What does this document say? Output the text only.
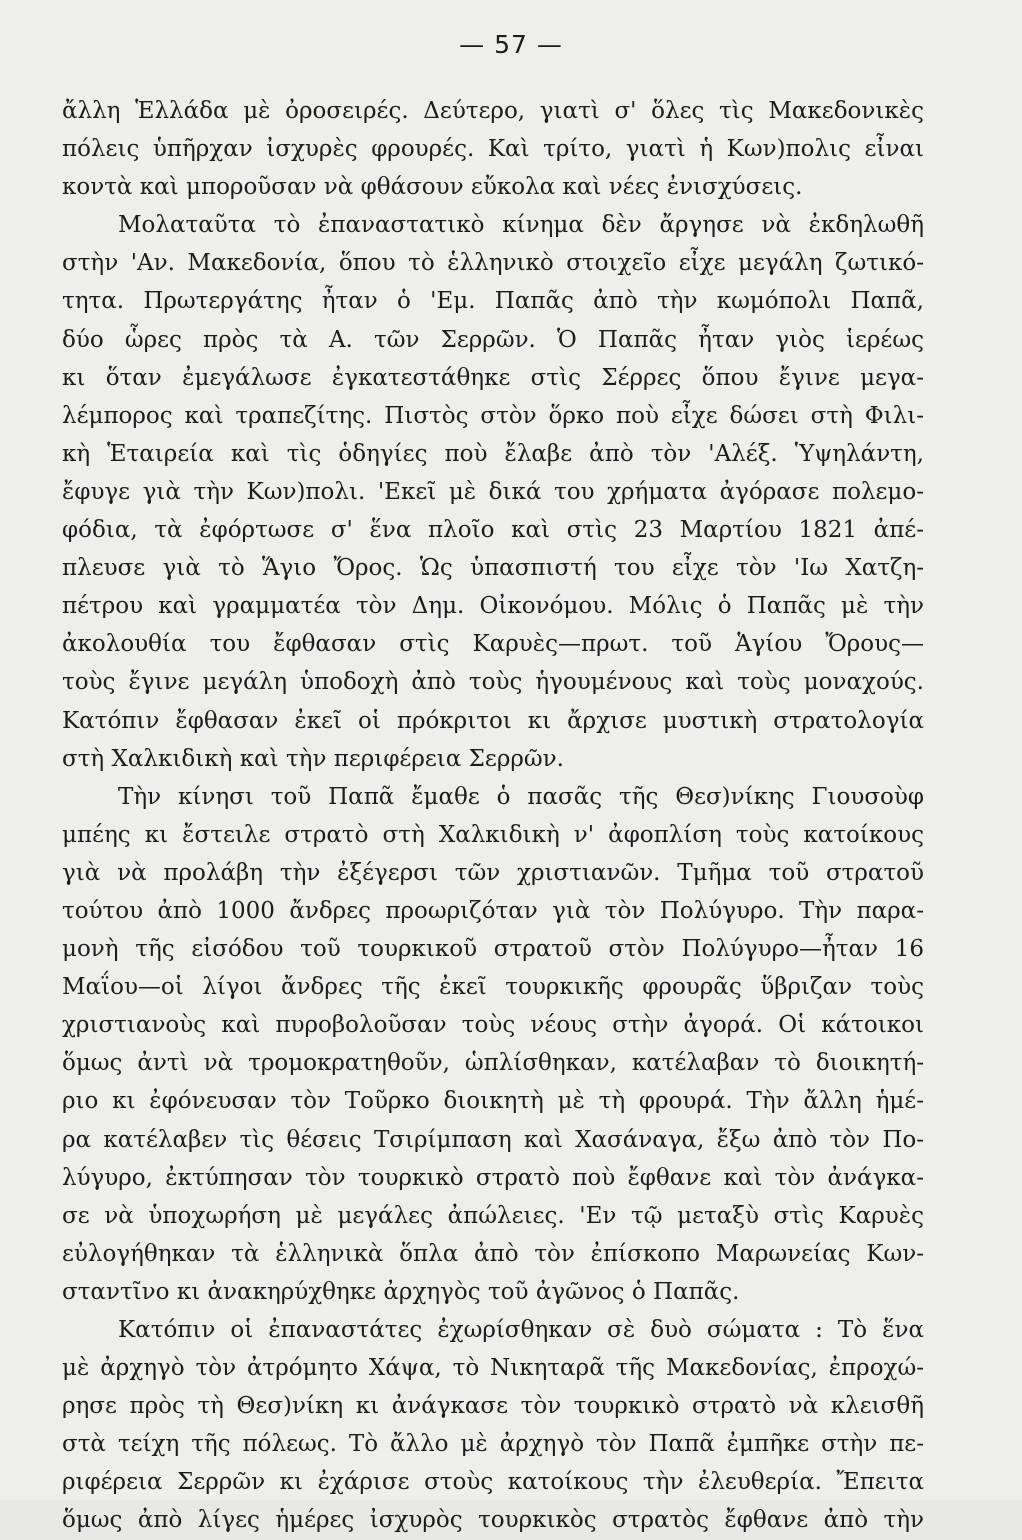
— 57 —
ἄλλη Ἑλλάδα μὲ ὀροσειρές. Δεύτερο, γιατὶ σ' ὅλες τὶς Μακεδονικὲς
πόλεις ὑπῆρχαν ἰσχυρὲς φρουρές. Καὶ τρίτο, γιατὶ ἡ Κων)πολις εἶναι
κοντὰ καὶ μποροῦσαν νὰ φθάσουν εὔκολα καὶ νέες ἐνισχύσεις.
Μολαταῦτα τὸ ἐπαναστατικὸ κίνημα δὲν ἄργησε νὰ ἐκδηλωθῆ
στὴν 'Αν. Μακεδονία, ὅπου τὸ ἑλληνικὸ στοιχεῖο εἶχε μεγάλη ζωτικό-
τητα. Πρωτεργάτης ἦταν ὁ 'Εμ. Παπᾶς ἀπὸ τὴν κωμόπολι Παπᾶ,
δύο ὧρες πρὸς τὰ Α. τῶν Σερρῶν. Ὁ Παπᾶς ἦταν γιὸς ἱερέως
κι ὅταν ἐμεγάλωσε ἐγκατεστάθηκε στὶς Σέρρες ὅπου ἔγινε μεγα-
λέμπορος καὶ τραπεζίτης. Πιστὸς στὸν ὅρκο ποὺ εἶχε δώσει στὴ Φιλι-
κὴ Ἑταιρεία καὶ τὶς ὁδηγίες ποὺ ἔλαβε ἀπὸ τὸν 'Αλέξ. Ὑψηλάντη,
ἔφυγε γιὰ τὴν Κων)πολι. 'Εκεῖ μὲ δικά του χρήματα ἀγόρασε πολεμο-
φόδια, τὰ ἐφόρτωσε σ' ἕνα πλοῖο καὶ στὶς 23 Μαρτίου 1821 ἀπέ-
πλευσε γιὰ τὸ Ἅγιο Ὄρος. Ὡς ὑπασπιστή του εἶχε τὸν 'Ιω Χατζη-
πέτρου καὶ γραμματέα τὸν Δημ. Οἰκονόμου. Μόλις ὁ Παπᾶς μὲ τὴν
ἀκολουθία του ἔφθασαν στὶς Καρυὲς—πρωτ. τοῦ Ἁγίου Ὄρους—
τοὺς ἔγινε μεγάλη ὑποδοχὴ ἀπὸ τοὺς ἡγουμένους καὶ τοὺς μοναχούς.
Κατόπιν ἔφθασαν ἐκεῖ οἱ πρόκριτοι κι ἄρχισε μυστικὴ στρατολογία
στὴ Χαλκιδικὴ καὶ τὴν περιφέρεια Σερρῶν.
Τὴν κίνησι τοῦ Παπᾶ ἔμαθε ὁ πασᾶς τῆς Θεσ)νίκης Γιουσοὺφ
μπέης κι ἔστειλε στρατὸ στὴ Χαλκιδικὴ ν' ἀφοπλίση τοὺς κατοίκους
γιὰ νὰ προλάβη τὴν ἐξέγερσι τῶν χριστιανῶν. Τμῆμα τοῦ στρατοῦ
τούτου ἀπὸ 1000 ἄνδρες προωριζόταν γιὰ τὸν Πολύγυρο. Τὴν παρα-
μονὴ τῆς εἰσόδου τοῦ τουρκικοῦ στρατοῦ στὸν Πολύγυρο—ἦταν 16
Μαΐου—οἱ λίγοι ἄνδρες τῆς ἐκεῖ τουρκικῆς φρουρᾶς ὕβριζαν τοὺς
χριστιανοὺς καὶ πυροβολοῦσαν τοὺς νέους στὴν ἀγορά. Οἱ κάτοικοι
ὅμως ἀντὶ νὰ τρομοκρατηθοῦν, ὡπλίσθηκαν, κατέλαβαν τὸ διοικητή-
ριο κι ἐφόνευσαν τὸν Τοῦρκο διοικητὴ μὲ τὴ φρουρά. Τὴν ἄλλη ἡμέ-
ρα κατέλαβεν τὶς θέσεις Τσιρίμπαση καὶ Χασάναγα, ἔξω ἀπὸ τὸν Πο-
λύγυρο, ἐκτύπησαν τὸν τουρκικὸ στρατὸ ποὺ ἔφθανε καὶ τὸν ἀνάγκα-
σε νὰ ὑποχωρήση μὲ μεγάλες ἀπώλειες. 'Εν τῷ μεταξὺ στὶς Καρυὲς
εὐλογήθηκαν τὰ ἑλληνικὰ ὅπλα ἀπὸ τὸν ἐπίσκοπο Μαρωνείας Κων-
σταντῖνο κι ἀνακηρύχθηκε ἀρχηγὸς τοῦ ἀγῶνος ὁ Παπᾶς.
Κατόπιν οἱ ἐπαναστάτες ἐχωρίσθηκαν σὲ δυὸ σώματα : Τὸ ἕνα
μὲ ἀρχηγὸ τὸν ἀτρόμητο Χάψα, τὸ Νικηταρᾶ τῆς Μακεδονίας, ἐπροχώ-
ρησε πρὸς τὴ Θεσ)νίκη κι ἀνάγκασε τὸν τουρκικὸ στρατὸ νὰ κλεισθῆ
στὰ τείχη τῆς πόλεως. Τὸ ἄλλο μὲ ἀρχηγὸ τὸν Παπᾶ ἐμπῆκε στὴν πε-
ριφέρεια Σερρῶν κι ἐχάρισε στοὺς κατοίκους τὴν ἐλευθερία. Ἔπειτα
ὅμως ἀπὸ λίγες ἡμέρες ἰσχυρὸς τουρκικὸς στρατὸς ἔφθανε ἀπὸ τὴν
